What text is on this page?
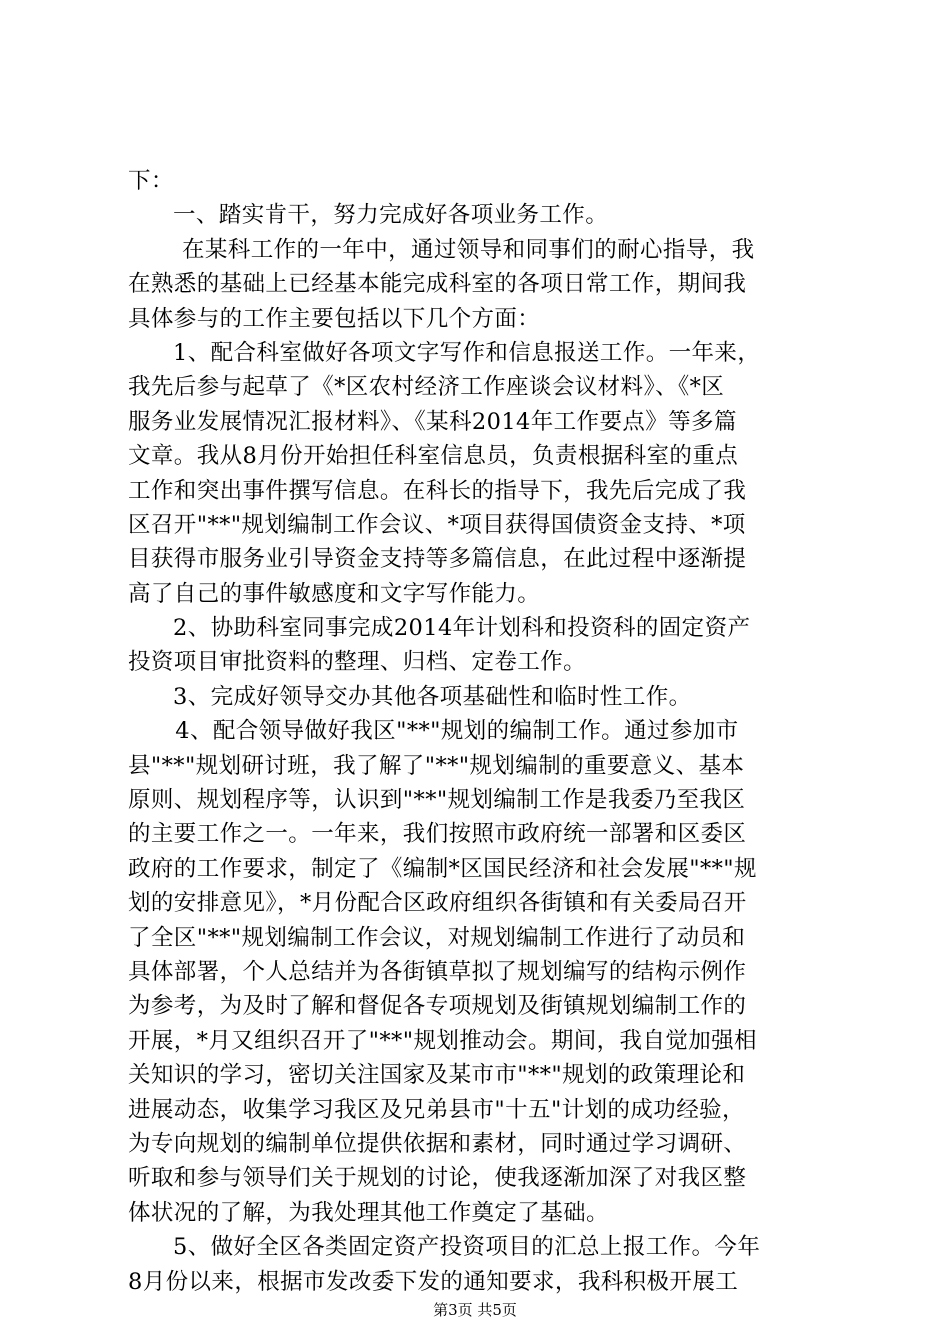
下：
一、踏实肯干，努力完成好各项业务工作。
在某科工作的一年中，通过领导和同事们的耐心指导，我
在熟悉的基础上已经基本能完成科室的各项日常工作，期间我
具体参与的工作主要包括以下几个方面：
1、配合科室做好各项文字写作和信息报送工作。一年来，
我先后参与起草了《*区农村经济工作座谈会议材料》、《*区
服务业发展情况汇报材料》、《某科2014年工作要点》等多篇
文章。我从8月份开始担任科室信息员，负责根据科室的重点
工作和突出事件撰写信息。在科长的指导下，我先后完成了我
区召开"**"规划编制工作会议、*项目获得国债资金支持、*项
目获得市服务业引导资金支持等多篇信息，在此过程中逐渐提
高了自己的事件敏感度和文字写作能力。
2、协助科室同事完成2014年计划科和投资科的固定资产
投资项目审批资料的整理、归档、定卷工作。
3、完成好领导交办其他各项基础性和临时性工作。
4、配合领导做好我区"**"规划的编制工作。通过参加市
县"**"规划研讨班，我了解了"**"规划编制的重要意义、基本
原则、规划程序等，认识到"**"规划编制工作是我委乃至我区
的主要工作之一。一年来，我们按照市政府统一部署和区委区
政府的工作要求，制定了《编制*区国民经济和社会发展"**"规
划的安排意见》，*月份配合区政府组织各街镇和有关委局召开
了全区"**"规划编制工作会议，对规划编制工作进行了动员和
具体部署，个人总结并为各街镇草拟了规划编写的结构示例作
为参考，为及时了解和督促各专项规划及街镇规划编制工作的
开展，*月又组织召开了"**"规划推动会。期间，我自觉加强相
关知识的学习，密切关注国家及某市市"**"规划的政策理论和
进展动态，收集学习我区及兄弟县市"十五"计划的成功经验，
为专向规划的编制单位提供依据和素材，同时通过学习调研、
听取和参与领导们关于规划的讨论，使我逐渐加深了对我区整
体状况的了解，为我处理其他工作奠定了基础。
5、做好全区各类固定资产投资项目的汇总上报工作。今年
8月份以来，根据市发改委下发的通知要求，我科积极开展工
第3页 共5页
